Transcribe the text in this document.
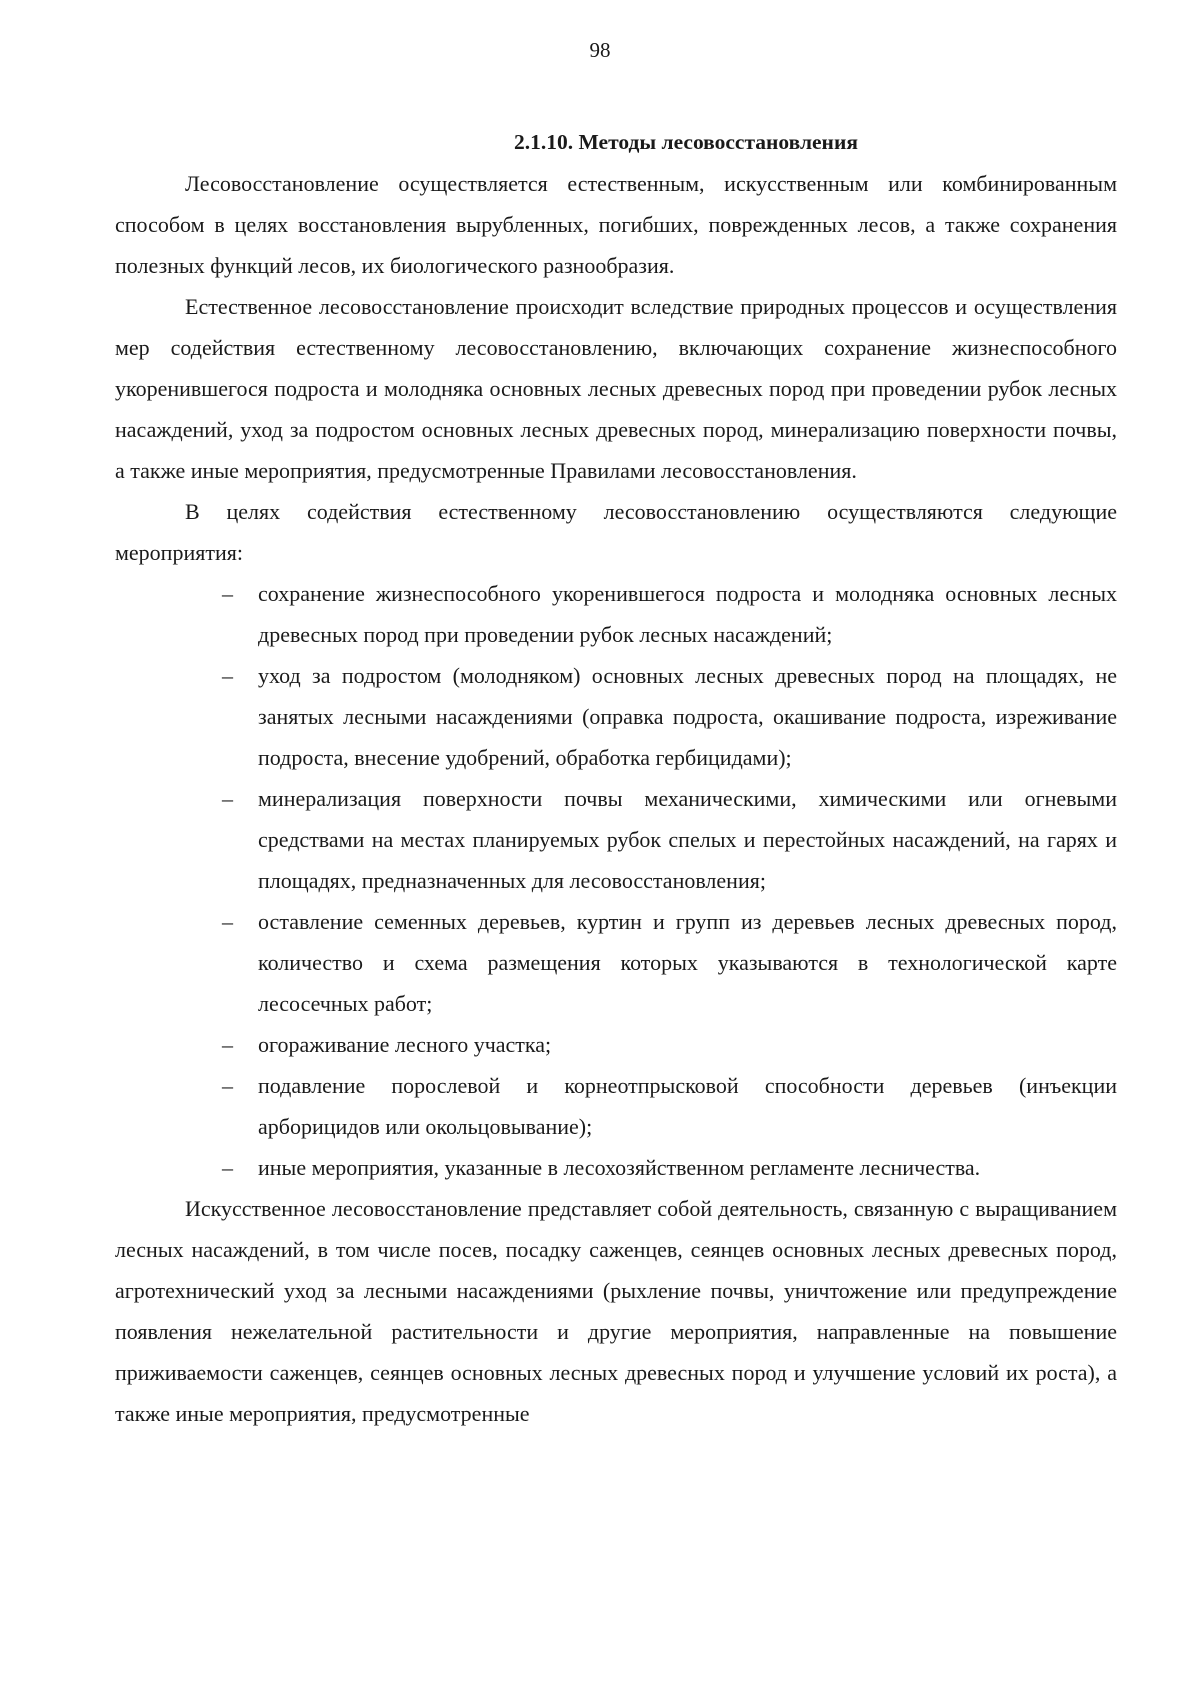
98
2.1.10. Методы лесовосстановления

Лесовосстановление осуществляется естественным, искусственным или комбинированным способом в целях восстановления вырубленных, погибших, поврежденных лесов, а также сохранения полезных функций лесов, их биологического разнообразия.

Естественное лесовосстановление происходит вследствие природных процессов и осуществления мер содействия естественному лесовосстановлению, включающих сохранение жизнеспособного укоренившегося подроста и молодняка основных лесных древесных пород при проведении рубок лесных насаждений, уход за подростом основных лесных древесных пород, минерализацию поверхности почвы, а также иные мероприятия, предусмотренные Правилами лесовосстановления.

В целях содействия естественному лесовосстановлению осуществляются следующие мероприятия:

– сохранение жизнеспособного укоренившегося подроста и молодняка основных лесных древесных пород при проведении рубок лесных насаждений;
– уход за подростом (молодняком) основных лесных древесных пород на площадях, не занятых лесными насаждениями (оправка подроста, окашивание подроста, изреживание подроста, внесение удобрений, обработка гербицидами);
– минерализация поверхности почвы механическими, химическими или огневыми средствами на местах планируемых рубок спелых и перестойных насаждений, на гарях и площадях, предназначенных для лесовосстановления;
– оставление семенных деревьев, куртин и групп из деревьев лесных древесных пород, количество и схема размещения которых указываются в технологической карте лесосечных работ;
– огораживание лесного участка;
– подавление порослевой и корнеотпрысковой способности деревьев (инъекции арборицидов или окольцовывание);
– иные мероприятия, указанные в лесохозяйственном регламенте лесничества.

Искусственное лесовосстановление представляет собой деятельность, связанную с выращиванием лесных насаждений, в том числе посев, посадку саженцев, сеянцев основных лесных древесных пород, агротехнический уход за лесными насаждениями (рыхление почвы, уничтожение или предупреждение появления нежелательной растительности и другие мероприятия, направленные на повышение приживаемости саженцев, сеянцев основных лесных древесных пород и улучшение условий их роста), а также иные мероприятия, предусмотренные
